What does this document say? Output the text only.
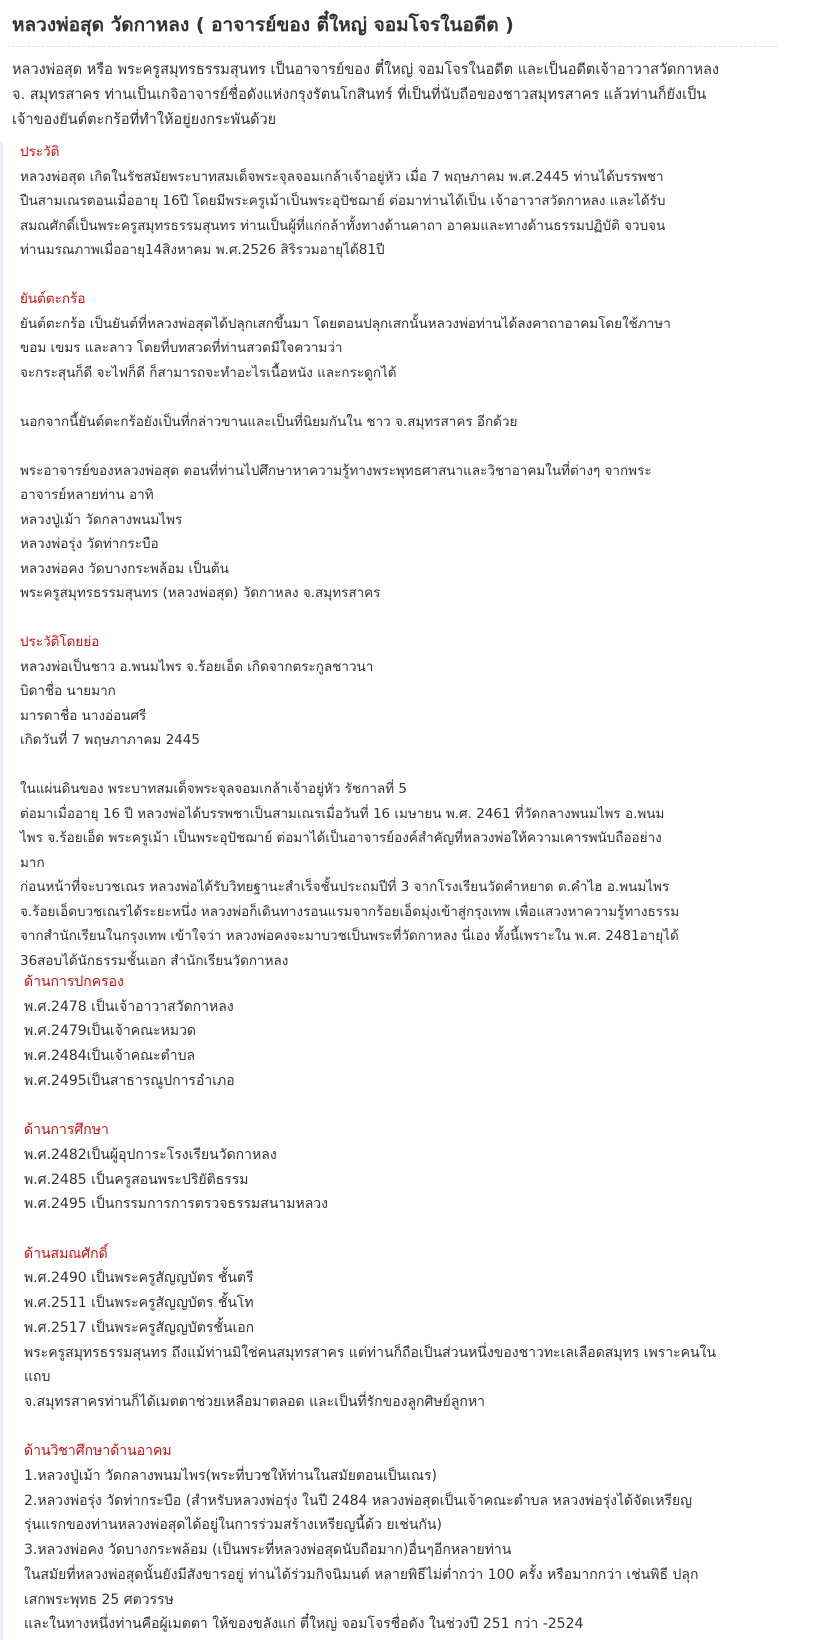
หลวงพ่อสุด วัดกาหลง ( อาจารย์ของ ตี๋ใหญ่ จอมโจรในอดีต )
หลวงพ่อสุด หรือ พระครูสมุทรธรรมสุนทร เป็นอาจารย์ของ ตี๋ใหญ่ จอมโจรในอดีต และเป็นอดีตเจ้าอาวาสวัดกาหลง
จ. สมุทรสาคร ท่านเป็นเกจิอาจารย์ชื่อดังแห่งกรุงรัตนโกสินทร์ ที่เป็นที่นับถือของชาวสมุทรสาคร แล้วท่านก็ยังเป็น
เจ้าของยันต์ตะกร้อที่ทำให้อยู่ยงกระพันด้วย
ประวัติ
หลวงพ่อสุด เกิดในรัชสมัยพระบาทสมเด็จพระจุลจอมเกล้าเจ้าอยู่หัว เมื่อ 7 พฤษภาคม พ.ศ.2445 ท่านได้บรรพชา
ปืนสามเณรตอนเมื่ออายุ 16ปี โดยมีพระครูเม้าเป็นพระอุปัชฌาย์ ต่อมาท่านได้เป็น เจ้าอาวาสวัดกาหลง และได้รับ
สมณศักดิ์เป็นพระครูสมุทรธรรมสุนทร ท่านเป็นผู้ที่แก่กล้าทั้งทางด้านคาถา อาคมและทางด้านธรรมปฏิบัติ จวบจน
ท่านมรณภาพเมื่ออายุ14สิงหาคม พ.ศ.2526 สิริรวมอายุได้81ปี
ยันต์ตะกร้อ
ยันต์ตะกร้อ เป็นยันต์ที่หลวงพ่อสุดได้ปลุกเสกขึ้นมา โดยตอนปลุกเสกนั้นหลวงพ่อท่านได้ลงคาถาอาคมโดยใช้ภาษา
ขอม เขมร และลาว โดยที่บทสวดที่ท่านสวดมีใจความว่า
จะกระสุนก็ดี จะไฟก็ดี ก็สามารถจะทำอะไรเนื้อหนัง และกระดูกได้
นอกจากนี้ยันต์ตะกร้อยังเป็นที่กล่าวขานและเป็นที่นิยมกันใน ชาว จ.สมุทรสาคร อีกด้วย
พระอาจารย์ของหลวงพ่อสุด ตอนที่ท่านไปศึกษาหาความรู้ทางพระพุทธศาสนาและวิชาอาคมในที่ต่างๆ จากพระ
อาจารย์หลายท่าน อาทิ
หลวงปู่เม้า วัดกลางพนมไพร
หลวงพ่อรุ่ง วัดท่ากระบือ
หลวงพ่อคง วัดบางกระพล้อม เป็นต้น
พระครูสมุทรธรรมสุนทร (หลวงพ่อสุด) วัดกาหลง จ.สมุทรสาคร
ประวัติโดยย่อ
หลวงพ่อเป็นชาว อ.พนมไพร จ.ร้อยเอ็ด เกิดจากตระกูลชาวนา
บิดาชื่อ นายมาก
มารดาชื่อ นางอ่อนศรี
เกิดวันที่ 7 พฤษภาภาคม 2445
ในแผ่นดินของ พระบาทสมเด็จพระจุลจอมเกล้าเจ้าอยู่หัว รัชกาลที่ 5
ต่อมาเมื่ออายุ 16 ปี หลวงพ่อได้บรรพชาเป็นสามเณรเมื่อวันที่ 16 เมษายน พ.ศ. 2461 ที่วัดกลางพนมไพร อ.พนม
ไพร จ.ร้อยเอ็ด พระครูเม้า เป็นพระอุปัชฌาย์ ต่อมาได้เป็นอาจารย์องค์สำคัญที่หลวงพ่อให้ความเคารพนับถืออย่าง
มาก
ก่อนหน้าที่จะบวชเณร หลวงพ่อได้รับวิทยฐานะสำเร็จชั้นประถมปีที่ 3 จากโรงเรียนวัดคำหยาด ต.คำไฮ อ.พนมไพร
จ.ร้อยเอ็ดบวชเณรได้ระยะหนึ่ง หลวงพ่อก็เดินทางรอนแรมจากร้อยเอ็ดมุ่งเข้าสู่กรุงเทพ เพื่อแสวงหาความรู้ทางธรรม
จากสำนักเรียนในกรุงเทพ เข้าใจว่า หลวงพ่อคงจะมาบวชเป็นพระที่วัดกาหลง นี่เอง ทั้งนี้เพราะใน พ.ศ. 2481อายุได้
36สอบได้นักธรรมชั้นเอก สำนักเรียนวัดกาหลง
ด้านการปกครอง
พ.ศ.2478 เป็นเจ้าอาวาสวัดกาหลง
พ.ศ.2479เป็นเจ้าคณะหมวด
พ.ศ.2484เป็นเจ้าคณะตำบล
พ.ศ.2495เป็นสาธารณูปการอำเภอ
ด้านการศึกษา
พ.ศ.2482เป็นผู้อุปการะโรงเรียนวัดกาหลง
พ.ศ.2485 เป็นครูสอนพระปริยัติธรรม
พ.ศ.2495 เป็นกรรมการการตรวจธรรมสนามหลวง
ด้านสมณศักดิ์
พ.ศ.2490 เป็นพระครูสัญญบัตร ชั้นตรี
พ.ศ.2511 เป็นพระครูสัญญบัตร ชั้นโท
พ.ศ.2517 เป็นพระครูสัญญบัตรชั้นเอก
พระครูสมุทรธรรมสุนทร ถึงแม้ท่านมิใช่คนสมุทรสาคร แต่ท่านก็ถือเป็นส่วนหนึ่งของชาวทะเลเลือดสมุทร เพราะคนใน
แถบ
จ.สมุทรสาครท่านก็ได้เมตตาช่วยเหลือมาตลอด และเป็นที่รักของลูกศิษย์ลูกหา
ด้านวิชาศึกษาด้านอาคม
1.หลวงปู่เม้า วัดกลางพนมไพร(พระที่บวชให้ท่านในสมัยตอนเป็นเณร)
2.หลวงพ่อรุ่ง วัดท่ากระบือ (สำหรับหลวงพ่อรุ่ง ในปี 2484 หลวงพ่อสุดเป็นเจ้าคณะตำบล หลวงพ่อรุ่งได้จัดเหรียญ
รุ่นแรกของท่านหลวงพ่อสุดได้อยู่ในการร่วมสร้างเหรียญนี้ด้ว ยเช่นกัน)
3.หลวงพ่อคง วัดบางกระพล้อม (เป็นพระที่หลวงพ่อสุดนับถือมาก)อื่นๆอีกหลายท่าน
ในสมัยที่หลวงพ่อสุดนั้นยังมีสังขารอยู่ ท่านได้ร่วมกิจนิมนต์ หลายพิธีไม่ต่ำกว่า 100 ครั้ง หรือมากกว่า เช่นพิธี ปลุก
เสกพระพุทธ 25 ศตวรรษ
และในทางหนึ่งท่านคือผู้เมตตา ให้ของขลังแก่ ตี๋ใหญ่ จอมโจรชื่อดัง ในช่วงปี 251 กว่า -2524
